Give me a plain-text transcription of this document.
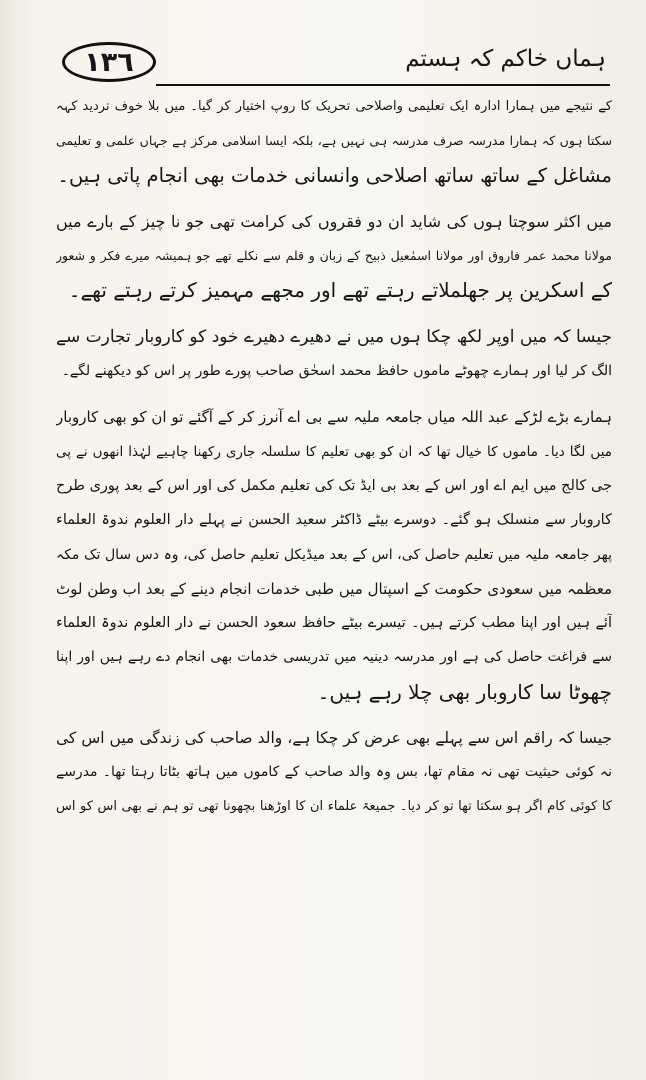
١٣٦	ہماں خاکم کہ ہستم
کے نتیجے میں ہمارا ادارہ ایک تعلیمی واصلاحی تحریک کا روپ اختیار کر گیا۔ میں بلا خوف تردید کہہ
سکتا ہوں کہ ہمارا مدرسہ صرف مدرسہ ہی نہیں ہے، بلکہ ایسا اسلامی مرکز ہے جہاں علمی و تعلیمی
مشاغل کے ساتھ ساتھ اصلاحی وانسانی خدمات بھی انجام پاتی ہیں۔
میں اکثر سوچتا ہوں کی شاید ان دو فقروں کی کرامت تھی جو نا چیز کے بارے میں
مولانا محمد عمر فاروق اور مولانا اسمٰعیل ذبیح کے زبان و قلم سے نکلے تھے جو ہمیشہ میرے فکر و شعور
کے اسکرین پر جھلملاتے رہتے تھے اور مجھے مہمیز کرتے رہتے تھے۔
جیسا کہ میں اوپر لکھ چکا ہوں میں نے دھیرے دھیرے خود کو کاروبار تجارت سے
الگ کر لیا اور ہمارے چھوٹے ماموں حافظ محمد اسحٰق صاحب پورے طور پر اس کو دیکھنے لگے۔
ہمارے بڑے لڑکے عبد اللہ میاں جامعہ ملیہ سے بی اے آنرز کر کے آگئے تو ان کو بھی کاروبار
میں لگا دیا۔ ماموں کا خیال تھا کہ ان کو بھی تعلیم کا سلسلہ جاری رکھنا چاہیے لہٰذا انھوں نے پی
جی کالج میں ایم اے اور اس کے بعد بی ایڈ تک کی تعلیم مکمل کی اور اس کے بعد پوری طرح
کاروبار سے منسلک ہو گئے۔ دوسرے بیٹے ڈاکٹر سعید الحسن نے پہلے دار العلوم ندوۃ العلماء
پھر جامعہ ملیہ میں تعلیم حاصل کی، اس کے بعد میڈیکل تعلیم حاصل کی، وہ دس سال تک مکہ
معظمہ میں سعودی حکومت کے اسپتال میں طبی خدمات انجام دینے کے بعد اب وطن لوٹ
آئے ہیں اور اپنا مطب کرتے ہیں۔ تیسرے بیٹے حافظ سعود الحسن نے دار العلوم ندوۃ العلماء
سے فراغت حاصل کی ہے اور مدرسہ دینیہ میں تدریسی خدمات بھی انجام دے رہے ہیں اور اپنا
چھوٹا سا کاروبار بھی چلا رہے ہیں۔
جیسا کہ راقم اس سے پہلے بھی عرض کر چکا ہے، والد صاحب کی زندگی میں اس کی
نہ کوئی حیثیت تھی نہ مقام تھا، بس وہ والد صاحب کے کاموں میں ہاتھ بٹاتا رہتا تھا۔ مدرسے
کا کوئی کام اگر ہو سکتا تھا تو کر دیا۔ جمیعۃ علماء ان کا اوڑھنا بچھونا تھی تو ہم نے بھی اس کو اس
